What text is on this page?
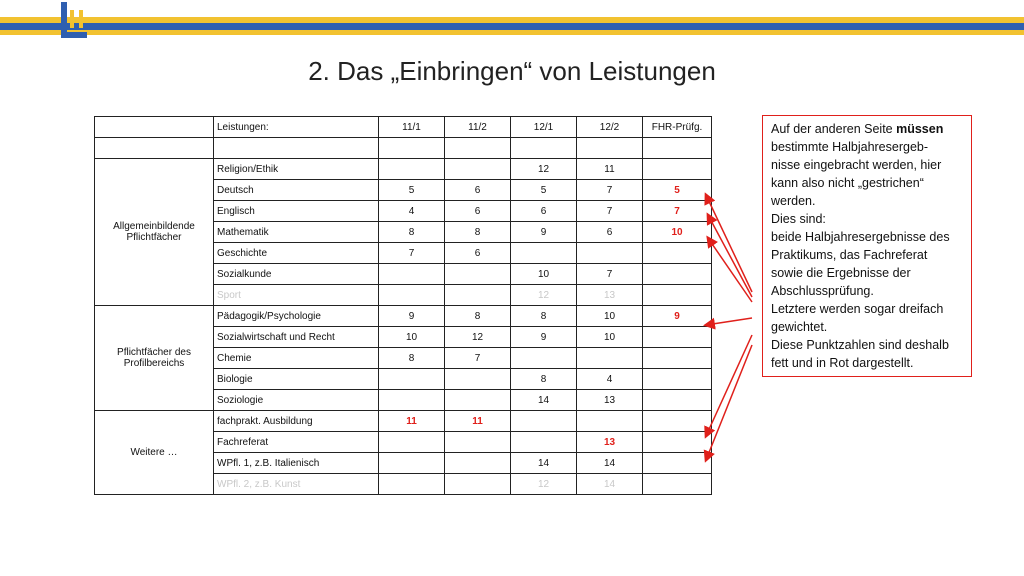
2. Das „Einbringen“ von Leistungen
	Leistungen:	11/1	11/2	12/1	12/2	FHR-Prüfg.

Allgemeinbildende Pflichtfächer	Religion/Ethik			12	11	
	Deutsch	5	6	5	7	5
	Englisch	4	6	6	7	7
	Mathematik	8	8	9	6	10
	Geschichte	7	6			
	Sozialkunde			10	7	
	Sport			12	13	
Pflichtfächer des Profilbereichs	Pädagogik/Psychologie	9	8	8	10	9
	Sozialwirtschaft und Recht	10	12	9	10	
	Chemie	8	7			
	Biologie			8	4	
	Soziologie			14	13	
Weitere …	fachprakt. Ausbildung	11	11			
	Fachreferat				13	
	WPfl. 1, z.B. Italienisch			14	14	
	WPfl. 2, z.B. Kunst			12	14	

Auf der anderen Seite müssen

bestimmte Halbjahresergeb-

nisse eingebracht werden, hier

kann also nicht „gestrichen“

werden.

Dies sind:

beide Halbjahresergebnisse des

Praktikums, das Fachreferat

sowie die Ergebnisse der

Abschlussprüfung.

Letztere werden sogar dreifach

gewichtet.

Diese Punktzahlen sind deshalb

fett und in Rot dargestellt.
